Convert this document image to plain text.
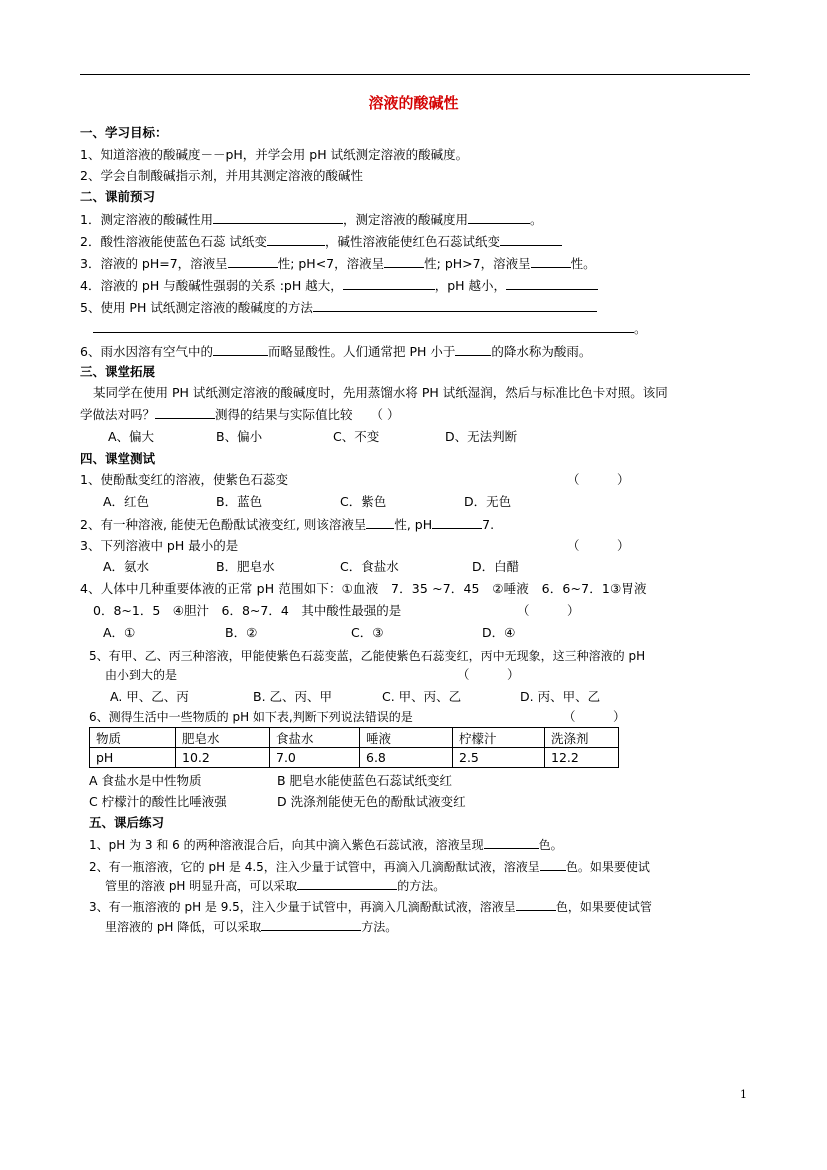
溶液的酸碱性
一、学习目标：
1、知道溶液的酸碱度－－pH，并学会用 pH 试纸测定溶液的酸碱度。
2、学会自制酸碱指示剂，并用其测定溶液的酸碱性
二、课前预习
1．测定溶液的酸碱性用	，测定溶液的酸碱度用	。
2．酸性溶液能使蓝色石蕊 试纸变	，碱性溶液能使红色石蕊试纸变
3．溶液的 pH=7，溶液呈	性; pH<7，溶液呈	性; pH>7，溶液呈	性。
4．溶液的 pH 与酸碱性强弱的关系 :pH 越大，	，pH 越小，
5、使用 PH 试纸测定溶液的酸碱度的方法
。
6、雨水因溶有空气中的	而略显酸性。人们通常把 PH 小于	的降水称为酸雨。
三、课堂拓展
某同学在使用 PH 试纸测定溶液的酸碱度时，先用蒸馏水将 PH 试纸湿润，然后与标准比色卡对照。该同
学做法对吗？	测得的结果与实际值比较 （ ）
A、偏大	B、偏小	C、不变	D、无法判断
四、课堂测试
1、使酚酞变红的溶液，使紫色石蕊变	（　　　）
A．红色	B．蓝色	C．紫色	D．无色
2、有一种溶液, 能使无色酚酞试液变红, 则该溶液呈 性, pH	7.
3、下列溶液中 pH 最小的是	（　　　）
A．氨水	B．肥皂水	C．食盐水	D．白醋
4、人体中几种重要体液的正常 pH 范围如下：①血液　7．35 ~7．45　②唾液　6．6~7．1③胃液
0．8~1．5　④胆汁　6．8~7．4　其中酸性最强的是	（　　　）
A．①	B．②	C．③	D．④
5、有甲、乙、丙三种溶液，甲能使紫色石蕊变蓝，乙能使紫色石蕊变红，丙中无现象，这三种溶液的 pH
由小到大的是	（　　　）
A. 甲、乙、丙	B. 乙、丙、甲	C. 甲、丙、乙	D. 丙、甲、乙
6、测得生活中一些物质的 pH 如下表,判断下列说法错误的是	（　　　）
物质	肥皂水	食盐水	唾液	柠檬汁	洗涤剂
pH	10.2	7.0	6.8	2.5	12.2
A 食盐水是中性物质	B 肥皂水能使蓝色石蕊试纸变红
C 柠檬汁的酸性比唾液强	D 洗涤剂能使无色的酚酞试液变红
五、课后练习
1、pH 为 3 和 6 的两种溶液混合后，向其中滴入紫色石蕊试液，溶液呈现	色。
2、有一瓶溶液，它的 pH 是 4.5，注入少量于试管中，再滴入几滴酚酞试液，溶液呈 色。如果要使试
管里的溶液 pH 明显升高，可以采取	的方法。
3、有一瓶溶液的 pH 是 9.5，注入少量于试管中，再滴入几滴酚酞试液，溶液呈	色，如果要使试管
里溶液的 pH 降低，可以采取	方法。
1
